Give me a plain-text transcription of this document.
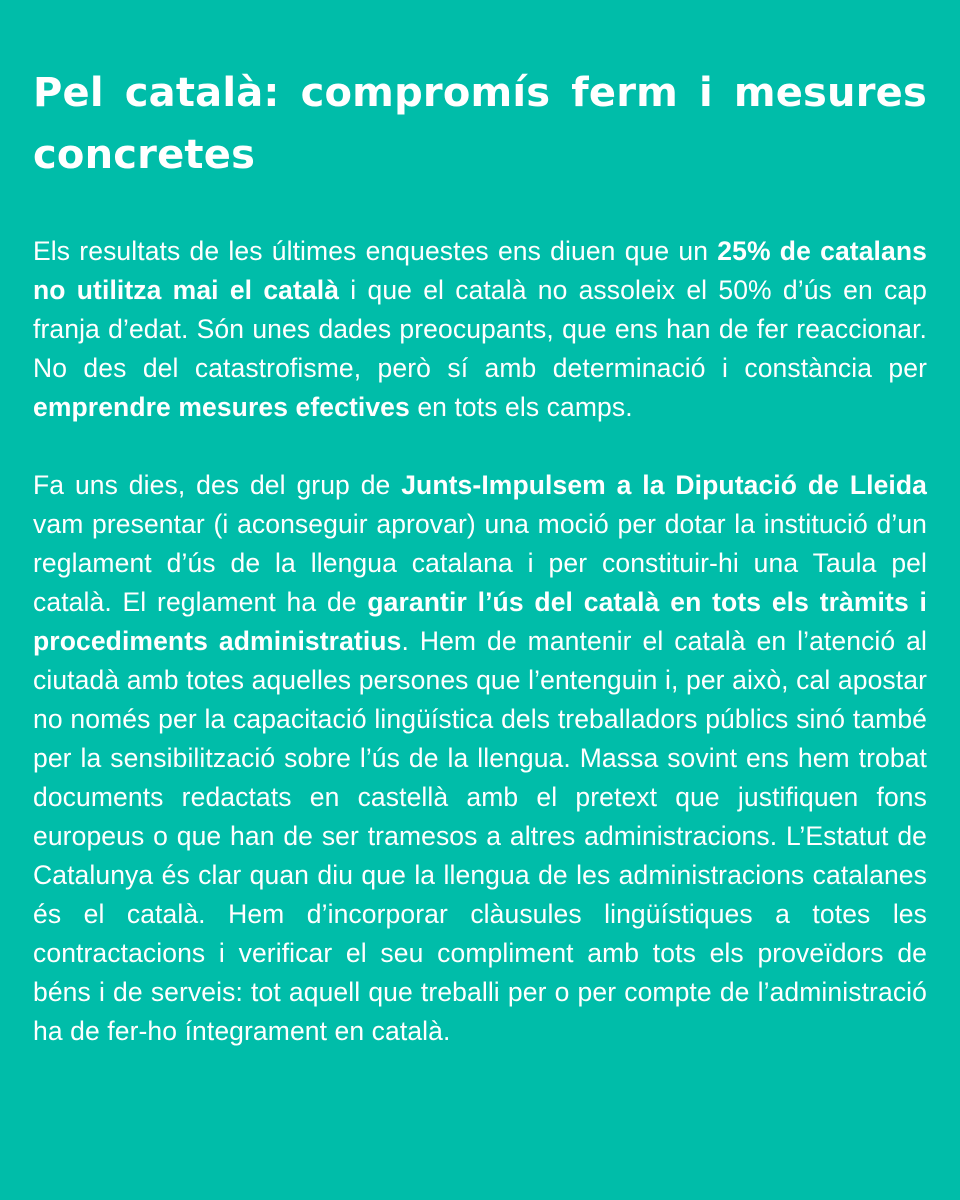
Pel català: compromís ferm i mesures concretes

Els resultats de les últimes enquestes ens diuen que un 25% de catalans no utilitza mai el català i que el català no assoleix el 50% d’ús en cap franja d’edat. Són unes dades preocupants, que ens han de fer reaccionar. No des del catastrofisme, però sí amb determinació i constància per emprendre mesures efectives en tots els camps.

Fa uns dies, des del grup de Junts-Impulsem a la Diputació de Lleida vam presentar (i aconseguir aprovar) una moció per dotar la institució d’un reglament d’ús de la llengua catalana i per constituir-hi una Taula pel català. El reglament ha de garantir l’ús del català en tots els tràmits i procediments administratius. Hem de mantenir el català en l’atenció al ciutadà amb totes aquelles persones que l’entenguin i, per això, cal apostar no només per la capacitació lingüística dels treballadors públics sinó també per la sensibilització sobre l’ús de la llengua. Massa sovint ens hem trobat documents redactats en castellà amb el pretext que justifiquen fons europeus o que han de ser tramesos a altres administracions. L’Estatut de Catalunya és clar quan diu que la llengua de les administracions catalanes és el català. Hem d’incorporar clàusules lingüístiques a totes les contractacions i verificar el seu compliment amb tots els proveïdors de béns i de serveis: tot aquell que treballi per o per compte de l’administració ha de fer-ho íntegrament en català.
